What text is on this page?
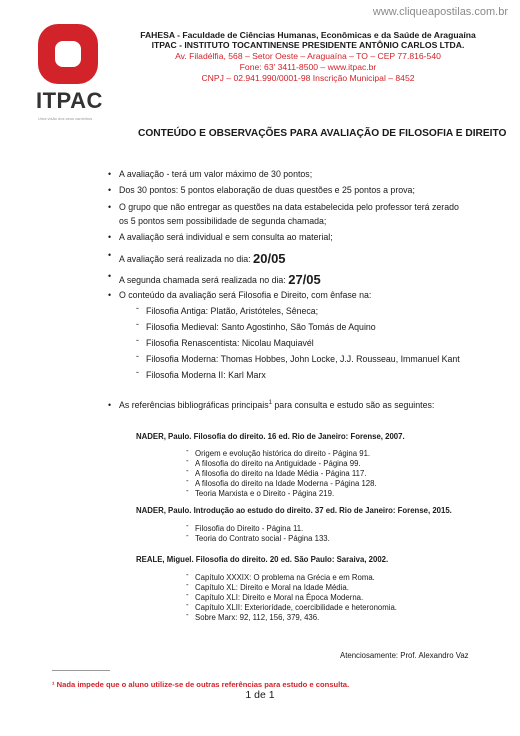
www.cliqueapostilas.com.br
ITPAC
Uma visão dos seus caminhos
FAHESA - Faculdade de Ciências Humanas, Econômicas e da Saúde de Araguaína
ITPAC - INSTITUTO TOCANTINENSE PRESIDENTE ANTÔNIO CARLOS LTDA.
Av. Filadélfia, 568 – Setor Oeste – Araguaína – TO – CEP 77.816-540
Fone: 63’ 3411-8500 – www.itpac.br
CNPJ – 02.941.990/0001-98 Inscrição Municipal – 8452
CONTEÚDO E OBSERVAÇÕES PARA AVALIAÇÃO DE FILOSOFIA E DIREITO
• A avaliação - terá um valor máximo de 30 pontos;
• Dos 30 pontos: 5 pontos elaboração de duas questões e 25 pontos a prova;
• O grupo que não entregar as questões na data estabelecida pelo professor terá zerado
os 5 pontos sem possibilidade de segunda chamada;
• A avaliação será individual e sem consulta ao material;
• A avaliação será realizada no dia: 20/05
• A segunda chamada será realizada no dia: 27/05
• O conteúdo da avaliação será Filosofia e Direito, com ênfase na:
- Filosofia Antiga: Platão, Aristóteles, Sêneca;
- Filosofia Medieval: Santo Agostinho, São Tomás de Aquino
- Filosofia Renascentista: Nicolau Maquiavél
- Filosofia Moderna: Thomas Hobbes, John Locke, J.J. Rousseau, Immanuel Kant
- Filosofia Moderna II: Karl Marx
• As referências bibliográficas principais$^1$ para consulta e estudo são as seguintes:
NADER, Paulo. Filosofia do direito. 16 ed. Rio de Janeiro: Forense, 2007.
- Origem e evolução histórica do direito - Página 91.
- A filosofia do direito na Antiguidade - Página 99.
- A filosofia do direito na Idade Média - Página 117.
- A filosofia do direito na Idade Moderna - Página 128.
- Teoria Marxista e o Direito - Página 219.
NADER, Paulo. Introdução ao estudo do direito. 37 ed. Rio de Janeiro: Forense, 2015.
- Filosofia do Direito - Página 11.
- Teoria do Contrato social - Página 133.
REALE, Miguel. Filosofia do direito. 20 ed. São Paulo: Saraiva, 2002.
- Capítulo XXXIX: O problema na Grécia e em Roma.
- Capítulo XL: Direito e Moral na Idade Média.
- Capítulo XLI: Direito e Moral na Época Moderna.
- Capítulo XLII: Exteriorídade, coercibilidade e heteronomia.
- Sobre Marx: 92, 112, 156, 379, 436.
Atenciosamente: Prof. Alexandro Vaz
¹ Nada impede que o aluno utilize-se de outras referências para estudo e consulta.
1 de 1
